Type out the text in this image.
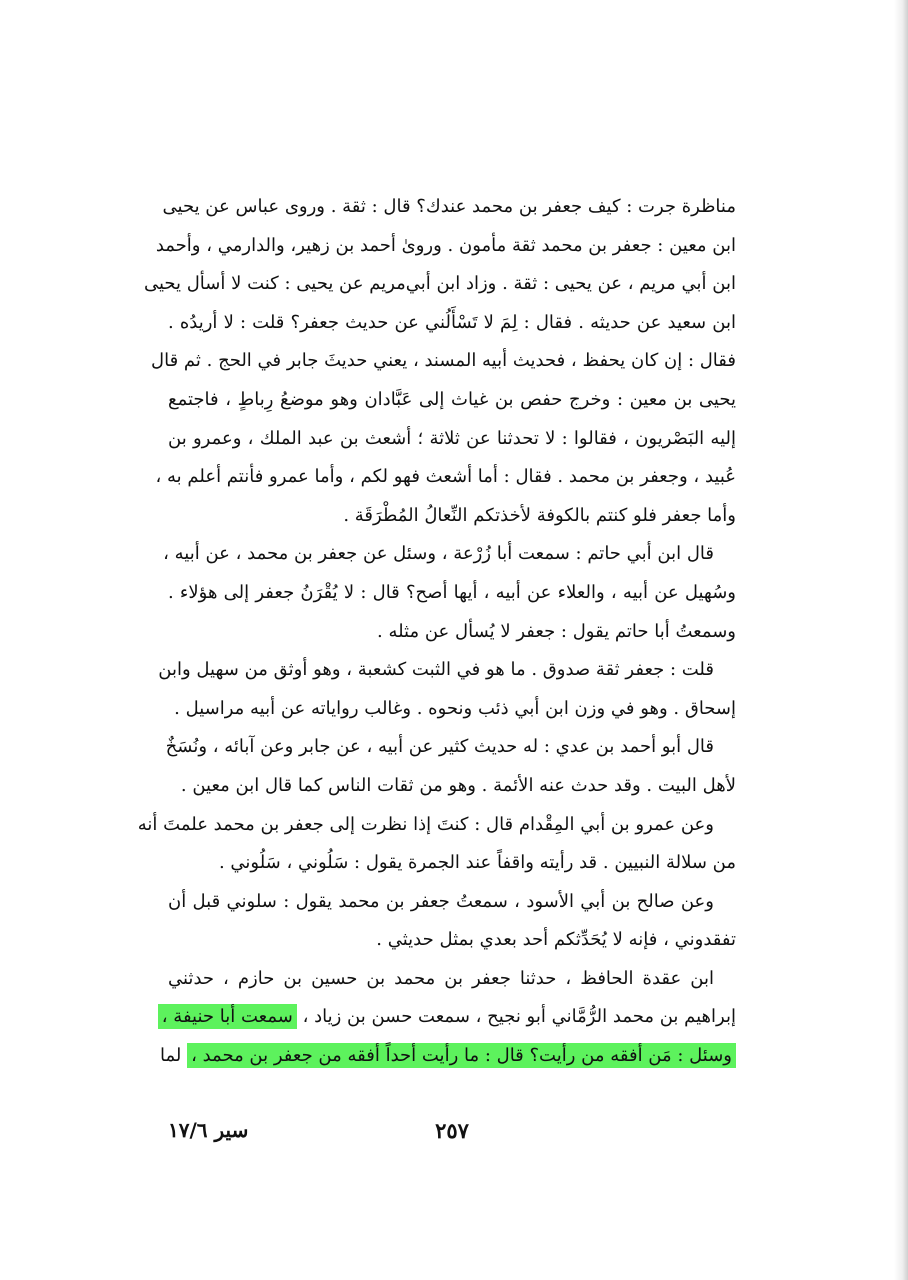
مناظرة جرت : كيف جعفر بن محمد عندك؟ قال : ثقة . وروى عباس عن يحيى
ابن معين : جعفر بن محمد ثقة مأمون . وروىٰ أحمد بن زهير، والدارمي ، وأحمد
ابن أبي مريم ، عن يحيى : ثقة . وزاد ابن أبي‌مريم عن يحيى : كنت لا أسأل يحيى
ابن سعيد عن حديثه . فقال : لِمَ لا تَسْأَلُني عن حديث جعفر؟ قلت : لا أريدُه .
فقال : إن كان يحفظ ، فحديث أبيه المسند ، يعني حديثَ جابر في الحج . ثم قال
يحيى بن معين : وخرج حفص بن غياث إلى عَبَّادان وهو موضعُ رِباطٍ ، فاجتمع
إليه البَصْريون ، فقالوا : لا تحدثنا عن ثلاثة ؛ أشعث بن عبد الملك ، وعمرو بن
عُبيد ، وجعفر بن محمد . فقال : أما أشعث فهو لكم ، وأما عمرو فأنتم أعلم به ،
وأما جعفر فلو كنتم بالكوفة لأخذتكم النِّعالُ المُطْرَقَة .
قال ابن أبي حاتم : سمعت أبا زُرْعة ، وسئل عن جعفر بن محمد ، عن أبيه ،
وسُهيل عن أبيه ، والعلاء عن أبيه ، أيها أصح؟ قال : لا يُقْرَنُ جعفر إلى هؤلاء .
وسمعتُ أبا حاتم يقول : جعفر لا يُسأل عن مثله .
قلت : جعفر ثقة صدوق . ما هو في الثبت كشعبة ، وهو أوثق من سهيل وابن
إسحاق . وهو في وزن ابن أبي ذئب ونحوه . وغالب رواياته عن أبيه مراسيل .
قال أبو أحمد بن عدي : له حديث كثير عن أبيه ، عن جابر وعن آبائه ، ونُسَخٌ
لأهل البيت . وقد حدث عنه الأئمة . وهو من ثقات الناس كما قال ابن معين .
وعن عمرو بن أبي المِقْدام قال : كنتَ إذا نظرت إلى جعفر بن محمد علمتَ أنه
من سلالة النبيين . قد رأيته واقفاً عند الجمرة يقول : سَلُوني ، سَلُوني .
وعن صالح بن أبي الأسود ، سمعتُ جعفر بن محمد يقول : سلوني قبل أن
تفقدوني ، فإنه لا يُحَدِّثكم أحد بعدي بمثل حديثي .
ابن عقدة الحافظ ، حدثنا جعفر بن محمد بن حسين بن حازم ، حدثني
إبراهيم بن محمد الرُّمَّاني أبو نجيح ، سمعت حسن بن زياد ، سمعت أبا حنيفة ،
وسئل : مَن أفقه من رأيت؟ قال : ما رأيت أحداً أفقه من جعفر بن محمد ، لما
٢٥٧
سير ١٧/٦
